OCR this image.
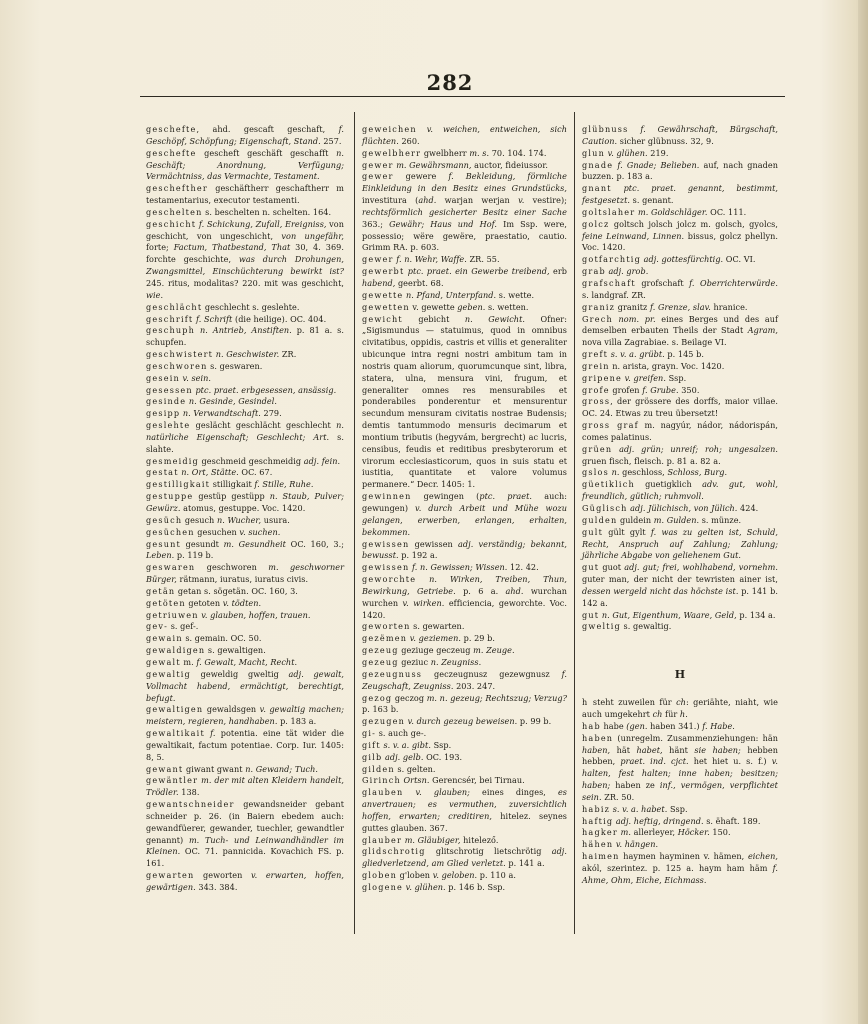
282

geschefte, ahd. gescaft geschaft, f. Geschöpf, Schöpfung; Eigenschaft, Stand. 257.

geschefte gescheft geschäft geschafft n. Geschäft; Anordnung, Verfügung; Vermächtniss, das Vermachte, Testament.

geschefther geschäftherr geschaftherr m testamentarius, executor testamenti.

geschelten s. beschelten n. schelten. 164.

geschicht f. Schickung, Zufall, Ereigniss, von geschicht, von ungeschicht, von ungefähr, forte; Factum, Thatbestand, That 30, 4. 369. forchte geschichte, was durch Drohungen, Zwangsmittel, Einschüchterung bewirkt ist? 245. ritus, modalitas? 220. mit was geschicht, wie.

geschlächt geschlecht s. geslehte.

geschrift f. Schrift (die heilige). OC. 404.

geschuph n. Antrieb, Anstiften. p. 81 a. s. schupfen.

geschwistert n. Geschwister. ZR.

geschworen s. geswaren.

gesein v. sein.

gesessen ptc. praet. erbgesessen, ansässig.

gesinde n. Gesinde, Gesindel.

gesipp n. Verwandtschaft. 279.

geslehte geslächt geschlächt geschlecht n. natürliche Eigenschaft; Geschlecht; Art. s. slahte.

gesmeidig geschmeid geschmeidig adj. fein.

gestat n. Ort, Stätte. OC. 67.

gestilligkait stilligkait f. Stille, Ruhe.

gestuppe gestüp gestüpp n. Staub, Pulver; Gewürz. atomus, gestuppe. Voc. 1420.

gesüch gesuch n. Wucher, usura.

gesüchen gesuchen v. suchen.

gesunt gesundt m. Gesundheit OC. 160, 3.; Leben. p. 119 b.

geswaren geschworen m. geschworner Bürger, rätmann, iuratus, iuratus civis.

getän getan s. sögetän. OC. 160, 3.

getöten getoten v. tödten.

getriuwen v. glauben, hoffen, trauen.

gev- s. gef-.

gewain s. gemain. OC. 50.

gewaldigen s. gewaltigen.

gewalt m. f. Gewalt, Macht, Recht.

gewaltig geweldig gweltig adj. gewalt, Vollmacht habend, ermächtigt, berechtigt, befugt.

gewaltigen gewaldsgen v. gewaltig machen; meistern, regieren, handhaben. p. 183 a.

gewaltikait f. potentia. eine tät wider die gewaltikait, factum potentiae. Corp. Iur. 1405: 8, 5.

gewant giwant gwant n. Gewand; Tuch.

gewäntler m. der mit alten Kleidern handelt, Trödler. 138.

gewantschneider gewandsneider gebant schneider p. 26. (in Baiern ebedem auch: gewandfüerer, gewander, tuechler, gewandtler genannt) m. Tuch- und Leinwandhändler im Kleinen. OC. 71. pannicida. Kovachich FS. p. 161.

gewarten geworten v. erwarten, hoffen, gewärtigen. 343. 384.

geweichen v. weichen, entweichen, sich flüchten. 260.

gewelbherr gwelbherr m. s. 70. 104. 174.

gewer m. Gewährsmann, auctor, fideiussor.

gewer gewere f. Bekleidung, förmliche Einkleidung in den Besitz eines Grundstücks, investitura (ahd. warjan werjan v. vestire); rechtsförmlich gesicherter Besitz einer Sache 363.; Gewähr; Haus und Hof. Im Ssp. were, possessio; wëre gewëre, praestatio, cautio. Grimm RA. p. 603.

gewer f. n. Wehr, Waffe. ZR. 55.

gewerbt ptc. praet. ein Gewerbe treibend, erb habend, geerbt. 68.

gewette n. Pfand, Unterpfand. s. wette.

gewetten v. gewette geben. s. wetten.

gewicht gebicht n. Gewicht. Ofner: „Sigismundus — statuimus, quod in omnibus civitatibus, oppidis, castris et villis et generaliter ubicunque intra regni nostri ambitum tam in nostris quam aliorum, quorumcunque sint, libra, statera, ulna, mensura vini, frugum, et generaliter omnes res mensurabiles et ponderabiles ponderentur et mensurentur secundum mensuram civitatis nostrae Budensis; demtis tantummodo mensuris decimarum et montium tributis (hegyvám, bergrecht) ac lucris, censibus, feudis et reditibus presbyterorum et virorum ecclesiasticorum, quos in suis statu et iustitia, quantitate et valore volumus permanere.“ Decr. 1405: 1.

gewinnen gewingen (ptc. praet. auch: gewungen) v. durch Arbeit und Mühe wozu gelangen, erwerben, erlangen, erhalten, bekommen.

gewissen gewissen adj. verständig; bekannt, bewusst. p. 192 a.

gewissen f. n. Gewissen; Wissen. 12. 42.

geworchte n. Wirken, Treiben, Thun, Bewirkung, Getriebe. p. 6 a. ahd. wurchan wurchen v. wirken. efficiencia, geworchte. Voc. 1420.

geworten s. gewarten.

gezëmen v. geziemen. p. 29 b.

gezeug geziuge geczeug m. Zeuge.

gezeug geziuc n. Zeugniss.

gezeugnuss geczeugnusz gezewgnusz f. Zeugschaft, Zeugniss. 203. 247.

gezog geczog m. n. gezeug; Rechtszug; Verzug? p. 163 b.

gezugen v. durch gezeug beweisen. p. 99 b.

gi- s. auch ge-.

gift s. v. a. gibt. Ssp.

gilb adj. gelb. OC. 193.

gilden s. gelten.

Girinch Ortsn. Gerencsér, bei Tirnau.

glauben v. glauben; eines dinges, es anvertrauen; es vermuthen, zuversichtlich hoffen, erwarten; creditiren, hitelez. seynes guttes glauben. 367.

glauber m. Gläubiger, hitelező.

glidschrotig glitschrotig lietschrötig adj. gliedverletzend, am Glied verletzt. p. 141 a.

globen g'loben v. geloben. p. 110 a.

glogene v. glühen. p. 146 b. Ssp.

glübnuss f. Gewährschaft, Bürgschaft, Caution. sicher glübnuss. 32, 9.

glun v. glühen. 219.

gnade f. Gnade; Belieben. auf, nach gnaden buzzen. p. 183 a.

gnant ptc. praet. genannt, bestimmt, festgesetzt. s. genant.

goltslaher m. Goldschläger. OC. 111.

golcz goltsch jolsch jolcz m. golsch, gyolcs, feine Leinwand, Linnen. bissus, golcz phellyn. Voc. 1420.

gotfarchtig adj. gottesfürchtig. OC. VI.

grab adj. grob.

grafschaft grofschaft f. Oberrichterwürde. s. landgraf. ZR.

graniz granitz f. Grenze, slav. hranice.

Grech nom. pr. eines Berges und des auf demselben erbauten Theils der Stadt Agram, nova villa Zagrabiae. s. Beilage VI.

greft s. v. a. grübt. p. 145 b.

grein n. arista, grayn. Voc. 1420.

gripene v. greifen. Ssp.

grofe grofen f. Grube. 350.

gross, der grössere des dorffs, maior villae. OC. 24. Etwas zu treu übersetzt!

gross graf m. nagyúr, nádor, nádorispán, comes palatinus.

grüen adj. grün; unreif; roh; ungesalzen. gruen fisch, fleisch. p. 81 a. 82 a.

gslos n. geschloss, Schloss, Burg.

güetiklich guetigklich adv. gut, wohl, freundlich, gütlich; ruhmvoll.

Güglisch adj. Jülichisch, von Jülich. 424.

gulden guldein m. Gulden. s. münze.

gult gült gylt f. was zu gelten ist, Schuld, Recht, Anspruch auf Zahlung; Zahlung; jährliche Abgabe von geliehenem Gut.

gut guot adj. gut; frei, wohlhabend, vornehm. guter man, der nicht der tewristen ainer ist, dessen wergeld nicht das höchste ist. p. 141 b. 142 a.

gut n. Gut, Eigenthum, Waare, Geld, p. 134 a.

gweltig s. gewaltig.

H

h steht zuweilen für ch: geriähte, niaht, wie auch umgekehrt ch für h.

hab habe (gen. haben 341.) f. Habe.

haben (unregelm. Zusammenziehungen: hän haben, hät habet, hänt sie haben; hebben hebben, praet. ind. cjct. het hiet u. s. f.) v. halten, fest halten; inne haben; besitzen; haben; haben ze inf., vermögen, verpflichtet sein. ZR. 50.

habiz s. v. a. habet. Ssp.

haftig adj. heftig, dringend. s. ëhaft. 189.

hagker m. allerleyer, Höcker. 150.

hähen v. hängen.

haimen haymen hayminen v. hämen, eichen, akól, szerintez. p. 125 a. haym ham häm f. Ahme, Ohm, Eiche, Eichmass.
